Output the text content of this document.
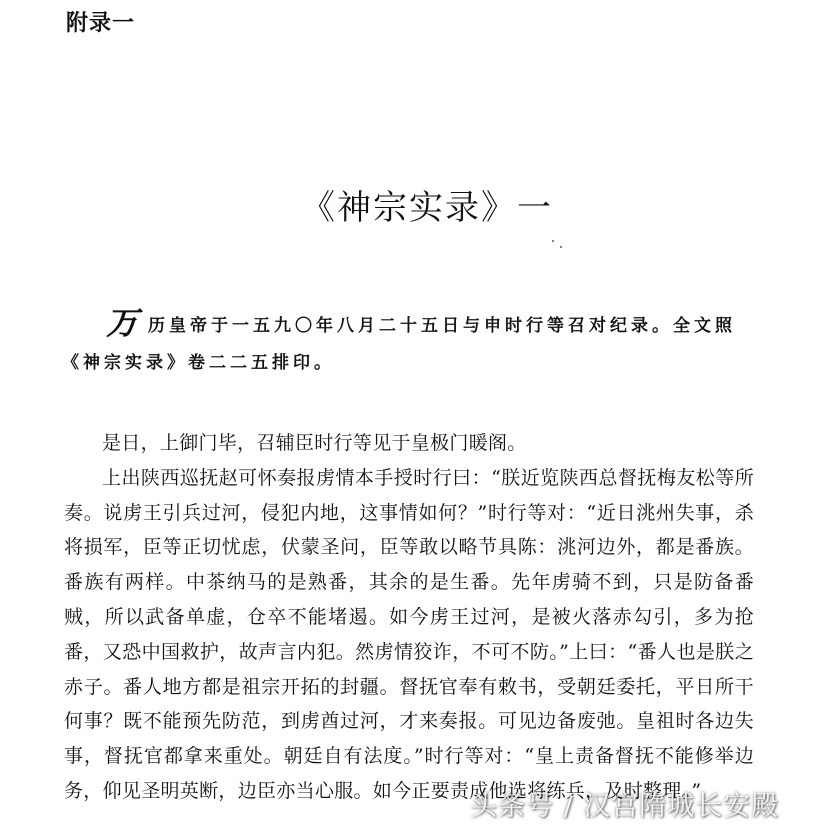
附录一
《神宗实录》一

万历皇帝于一五九〇年八月二十五日与申时行等召对纪录。全文照《神宗实录》卷二二五排印。

是日，上御门毕，召辅臣时行等见于皇极门暖阁。

上出陕西巡抚赵可怀奏报虏情本手授时行曰：“朕近览陕西总督抚梅友松等所奏。说虏王引兵过河，侵犯内地，这事情如何？”时行等对：“近日洮州失事，杀将损军，臣等正切忧虑，伏蒙圣问，臣等敢以略节具陈：洮河边外，都是番族。番族有两样。中茶纳马的是熟番，其余的是生番。先年虏骑不到，只是防备番贼，所以武备单虚，仓卒不能堵遏。如今虏王过河，是被火落赤勾引，多为抢番，又恐中国救护，故声言内犯。然虏情狡诈，不可不防。”上曰：“番人也是朕之赤子。番人地方都是祖宗开拓的封疆。督抚官奉有敕书，受朝廷委托，平日所干何事？既不能预先防范，到虏酋过河，才来奏报。可见边备废弛。皇祖时各边失事，督抚官都拿来重处。朝廷自有法度。”时行等对：“皇上责备督抚不能修举边务，仰见圣明英断，边臣亦当心服。如今正要责成他选将练兵，及时整理。”

头条号 / 汉宫隋城长安殿
